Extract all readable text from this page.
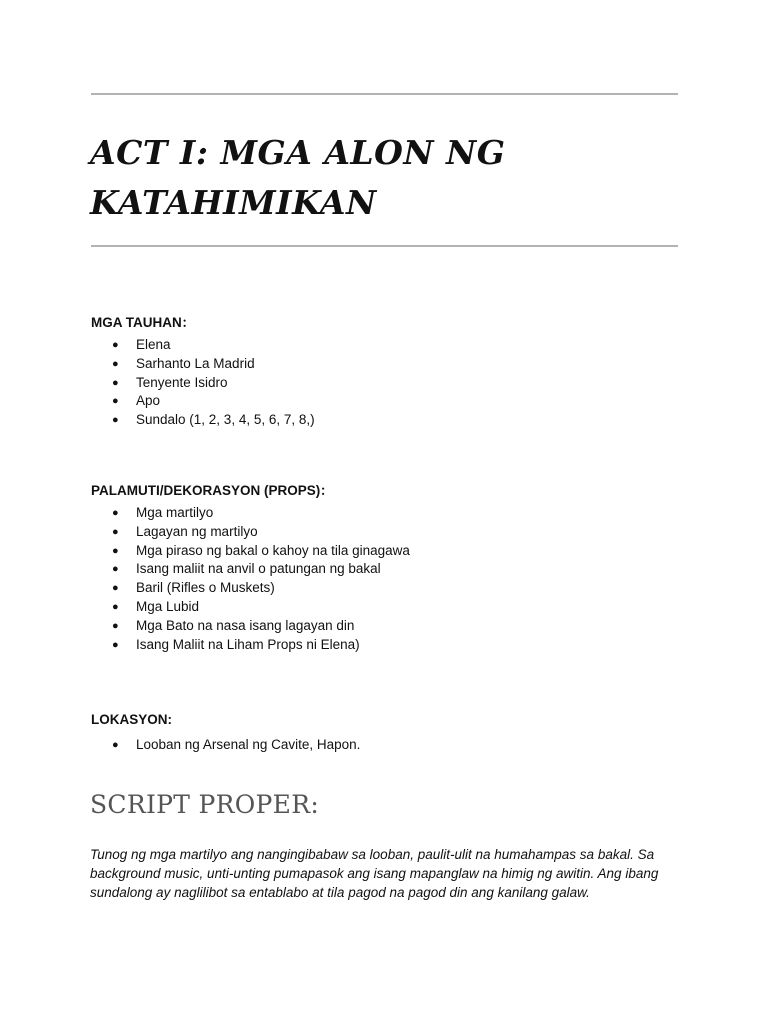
ACT I: MGA ALON NG
KATAHIMIKAN

MGA TAUHAN:

● Elena
● Sarhanto La Madrid
● Tenyente Isidro
● Apo
● Sundalo (1, 2, 3, 4, 5, 6, 7, 8,)

PALAMUTI/DEKORASYON (PROPS):

● Mga martilyo
● Lagayan ng martilyo
● Mga piraso ng bakal o kahoy na tila ginagawa
● Isang maliit na anvil o patungan ng bakal
● Baril (Rifles o Muskets)
● Mga Lubid
● Mga Bato na nasa isang lagayan din
● Isang Maliit na Liham Props ni Elena)

LOKASYON:

● Looban ng Arsenal ng Cavite, Hapon.
SCRIPT PROPER:

Tunog ng mga martilyo ang nangingibabaw sa looban, paulit-ulit na humahampas sa bakal. Sa
background music, unti-unting pumapasok ang isang mapanglaw na himig ng awitin. Ang ibang
sundalong ay naglilibot sa entablabo at tila pagod na pagod din ang kanilang galaw.
